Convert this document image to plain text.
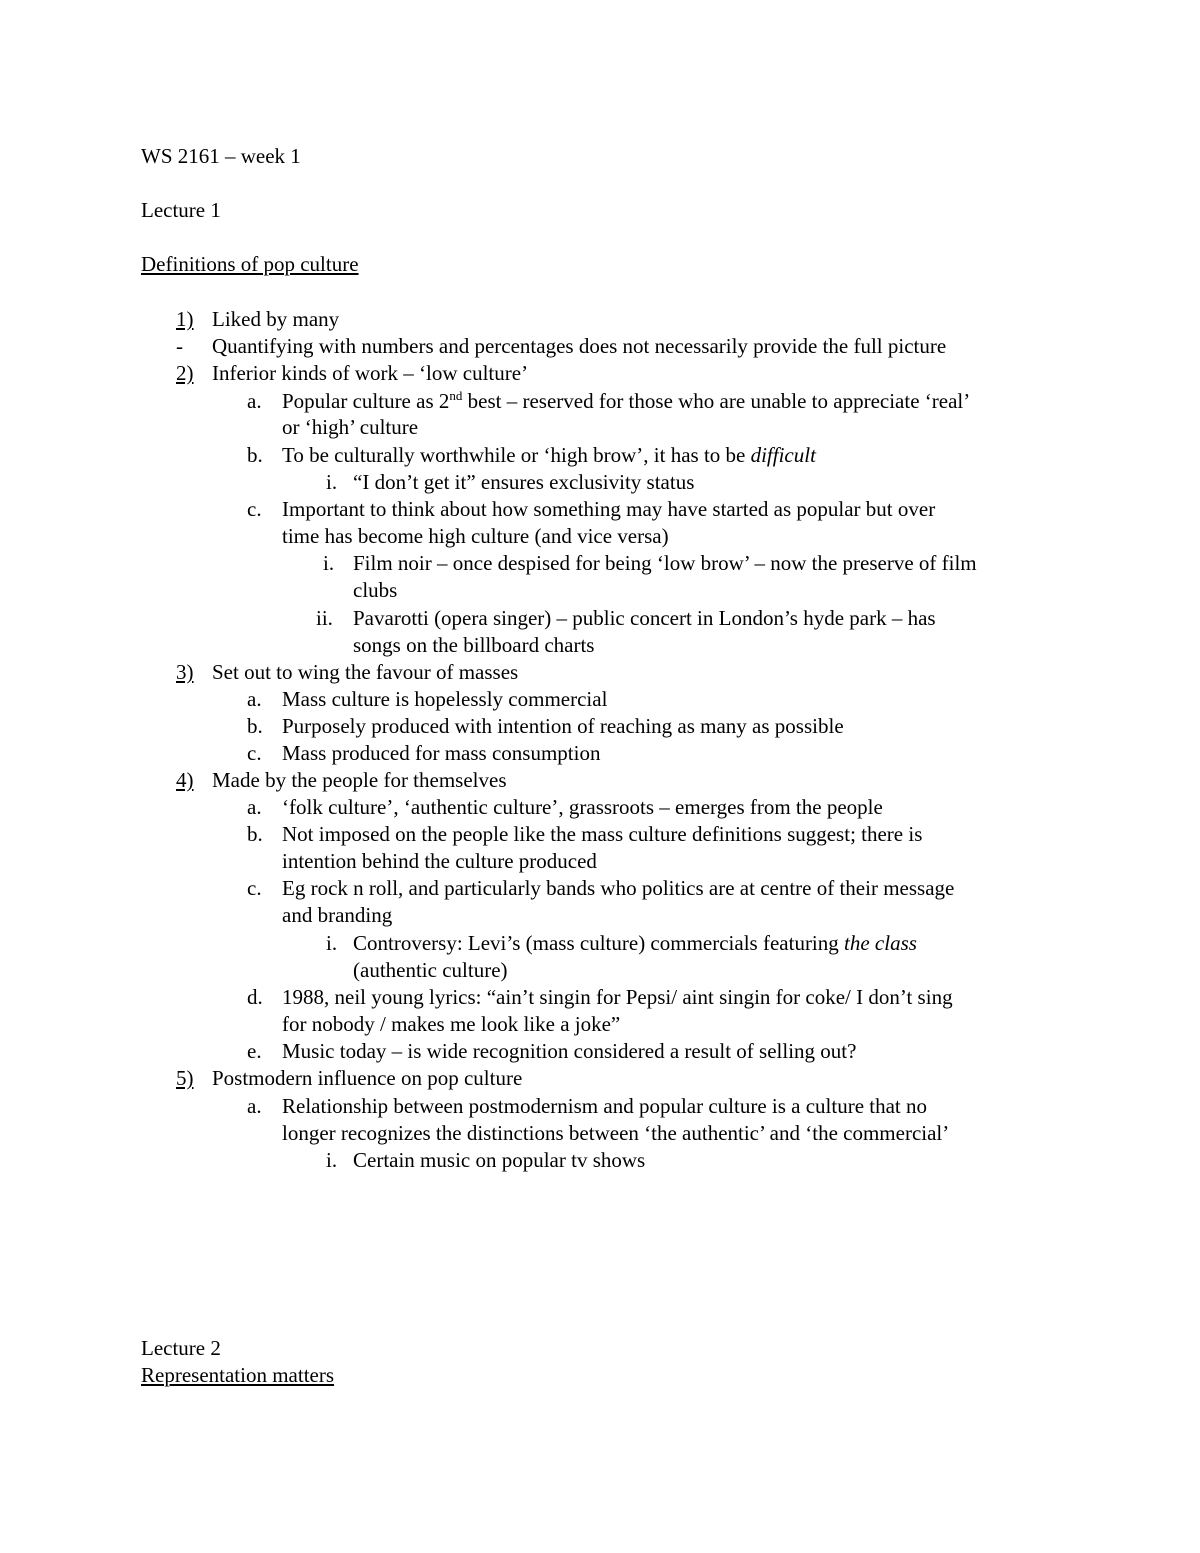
WS 2161 – week 1
Lecture 1
Definitions of pop culture
1) Liked by many
- Quantifying with numbers and percentages does not necessarily provide the full picture
2) Inferior kinds of work – ‘low culture’
a. Popular culture as 2nd best – reserved for those who are unable to appreciate ‘real’
or ‘high’ culture
b. To be culturally worthwhile or ‘high brow’, it has to be difficult
i. “I don’t get it” ensures exclusivity status
c. Important to think about how something may have started as popular but over
time has become high culture (and vice versa)
i. Film noir – once despised for being ‘low brow’ – now the preserve of film
clubs
ii. Pavarotti (opera singer) – public concert in London’s hyde park – has
songs on the billboard charts
3) Set out to wing the favour of masses
a. Mass culture is hopelessly commercial
b. Purposely produced with intention of reaching as many as possible
c. Mass produced for mass consumption
4) Made by the people for themselves
a. ‘folk culture’, ‘authentic culture’, grassroots – emerges from the people
b. Not imposed on the people like the mass culture definitions suggest; there is
intention behind the culture produced
c. Eg rock n roll, and particularly bands who politics are at centre of their message
and branding
i. Controversy: Levi’s (mass culture) commercials featuring the class
(authentic culture)
d. 1988, neil young lyrics: “ain’t singin for Pepsi/ aint singin for coke/ I don’t sing
for nobody / makes me look like a joke”
e. Music today – is wide recognition considered a result of selling out?
5) Postmodern influence on pop culture
a. Relationship between postmodernism and popular culture is a culture that no
longer recognizes the distinctions between ‘the authentic’ and ‘the commercial’
i. Certain music on popular tv shows
Lecture 2
Representation matters
